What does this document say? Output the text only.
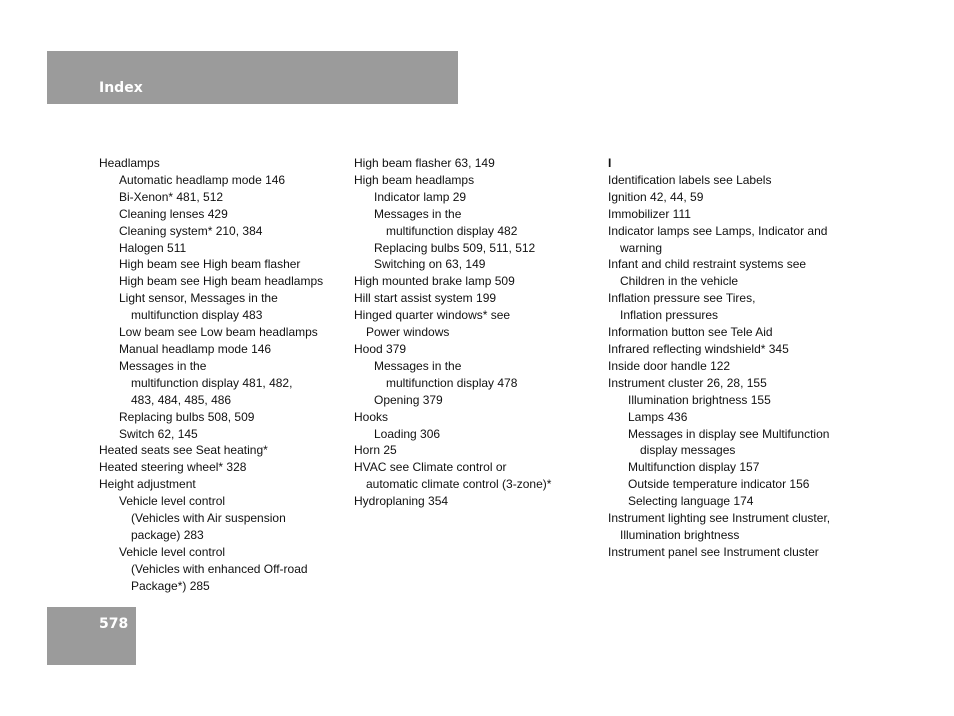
Index
Headlamps
Automatic headlamp mode 146
Bi-Xenon* 481, 512
Cleaning lenses 429
Cleaning system* 210, 384
Halogen 511
High beam see High beam flasher
High beam see High beam headlamps
Light sensor, Messages in the
multifunction display 483
Low beam see Low beam headlamps
Manual headlamp mode 146
Messages in the
multifunction display 481, 482,
483, 484, 485, 486
Replacing bulbs 508, 509
Switch 62, 145
Heated seats see Seat heating*
Heated steering wheel* 328
Height adjustment
Vehicle level control
(Vehicles with Air suspension
package) 283
Vehicle level control
(Vehicles with enhanced Off-road
Package*) 285
High beam flasher 63, 149
High beam headlamps
Indicator lamp 29
Messages in the
multifunction display 482
Replacing bulbs 509, 511, 512
Switching on 63, 149
High mounted brake lamp 509
Hill start assist system 199
Hinged quarter windows* see
Power windows
Hood 379
Messages in the
multifunction display 478
Opening 379
Hooks
Loading 306
Horn 25
HVAC see Climate control or
automatic climate control (3-zone)*
Hydroplaning 354
I
Identification labels see Labels
Ignition 42, 44, 59
Immobilizer 111
Indicator lamps see Lamps, Indicator and
warning
Infant and child restraint systems see
Children in the vehicle
Inflation pressure see Tires,
Inflation pressures
Information button see Tele Aid
Infrared reflecting windshield* 345
Inside door handle 122
Instrument cluster 26, 28, 155
Illumination brightness 155
Lamps 436
Messages in display see Multifunction
display messages
Multifunction display 157
Outside temperature indicator 156
Selecting language 174
Instrument lighting see Instrument cluster,
Illumination brightness
Instrument panel see Instrument cluster
578
